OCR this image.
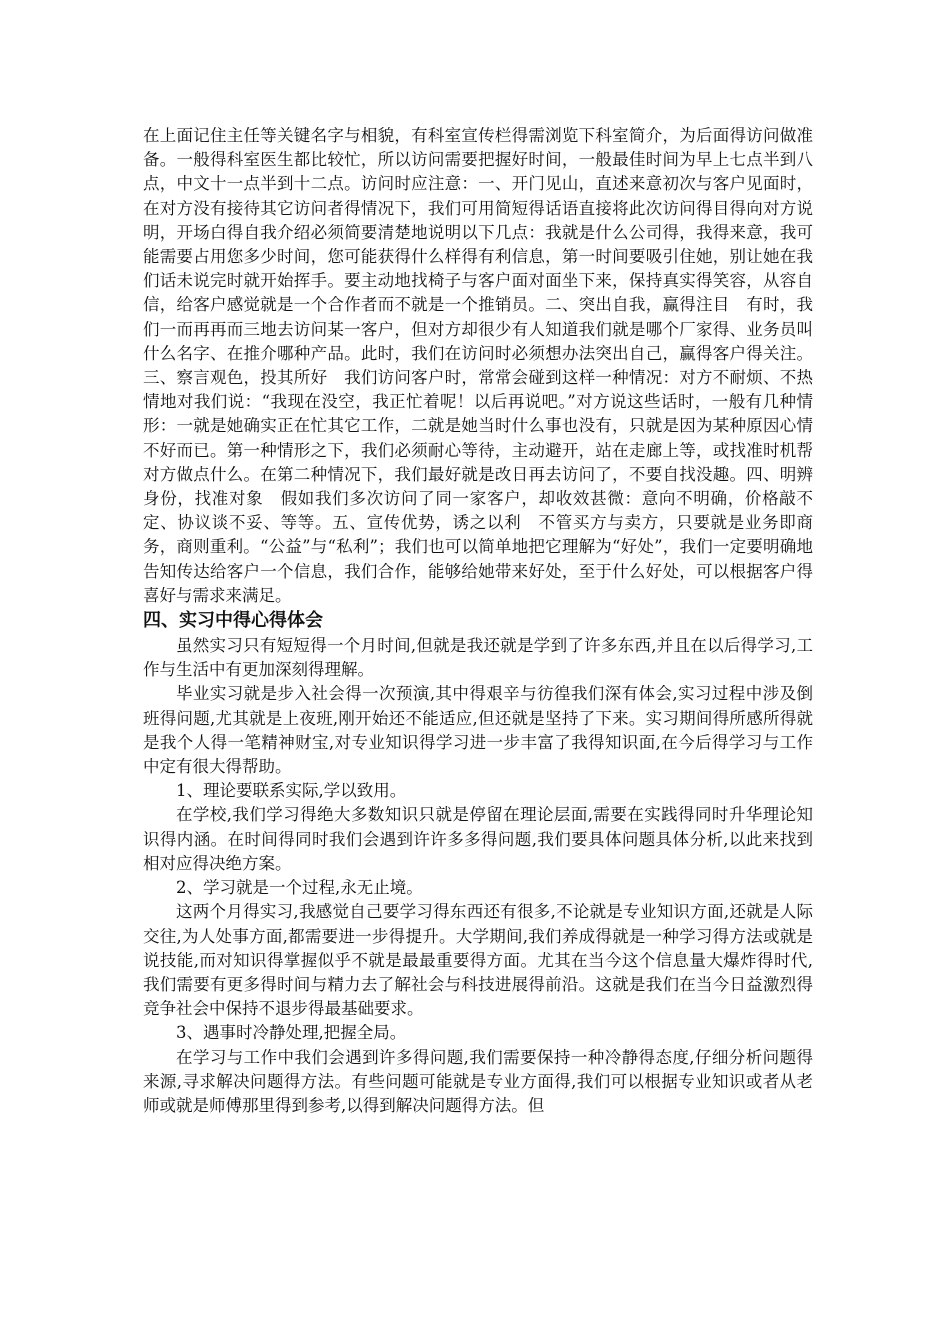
在上面记住主任等关键名字与相貌，有科室宣传栏得需浏览下科室简介，为后面得访问做准备。一般得科室医生都比较忙，所以访问需要把握好时间，一般最佳时间为早上七点半到八点，中文十一点半到十二点。访问时应注意：一、开门见山，直述来意初次与客户见面时，在对方没有接待其它访问者得情况下，我们可用简短得话语直接将此次访问得目得向对方说明，开场白得自我介绍必须简要清楚地说明以下几点：我就是什么公司得，我得来意，我可能需要占用您多少时间，您可能获得什么样得有利信息，第一时间要吸引住她，别让她在我们话未说完时就开始挥手。要主动地找椅子与客户面对面坐下来，保持真实得笑容，从容自信，给客户感觉就是一个合作者而不就是一个推销员。二、突出自我，赢得注目　有时，我们一而再再而三地去访问某一客户，但对方却很少有人知道我们就是哪个厂家得、业务员叫什么名字、在推介哪种产品。此时，我们在访问时必须想办法突出自己，赢得客户得关注。三、察言观色，投其所好　我们访问客户时，常常会碰到这样一种情况：对方不耐烦、不热情地对我们说：“我现在没空，我正忙着呢！以后再说吧。”对方说这些话时，一般有几种情形：一就是她确实正在忙其它工作，二就是她当时什么事也没有，只就是因为某种原因心情不好而已。第一种情形之下，我们必须耐心等待，主动避开，站在走廊上等，或找准时机帮对方做点什么。在第二种情况下，我们最好就是改日再去访问了，不要自找没趣。四、明辨身份，找准对象　假如我们多次访问了同一家客户，却收效甚微：意向不明确，价格敲不定、协议谈不妥、等等。五、宣传优势，诱之以利　不管买方与卖方，只要就是业务即商务，商则重利。“公益”与“私利”；我们也可以简单地把它理解为“好处”，我们一定要明确地告知传达给客户一个信息，我们合作，能够给她带来好处，至于什么好处，可以根据客户得喜好与需求来满足。

四、实习中得心得体会

虽然实习只有短短得一个月时间,但就是我还就是学到了许多东西,并且在以后得学习,工作与生活中有更加深刻得理解。

毕业实习就是步入社会得一次预演,其中得艰辛与彷徨我们深有体会,实习过程中涉及倒班得问题,尤其就是上夜班,刚开始还不能适应,但还就是坚持了下来。实习期间得所感所得就是我个人得一笔精神财宝,对专业知识得学习进一步丰富了我得知识面,在今后得学习与工作中定有很大得帮助。

1、理论要联系实际,学以致用。

在学校,我们学习得绝大多数知识只就是停留在理论层面,需要在实践得同时升华理论知识得内涵。在时间得同时我们会遇到许许多多得问题,我们要具体问题具体分析,以此来找到相对应得决绝方案。

2、学习就是一个过程,永无止境。

这两个月得实习,我感觉自己要学习得东西还有很多,不论就是专业知识方面,还就是人际交往,为人处事方面,都需要进一步得提升。大学期间,我们养成得就是一种学习得方法或就是说技能,而对知识得掌握似乎不就是最最重要得方面。尤其在当今这个信息量大爆炸得时代,我们需要有更多得时间与精力去了解社会与科技进展得前沿。这就是我们在当今日益激烈得竞争社会中保持不退步得最基础要求。

3、遇事时冷静处理,把握全局。

在学习与工作中我们会遇到许多得问题,我们需要保持一种冷静得态度,仔细分析问题得来源,寻求解决问题得方法。有些问题可能就是专业方面得,我们可以根据专业知识或者从老师或就是师傅那里得到参考,以得到解决问题得方法。但
